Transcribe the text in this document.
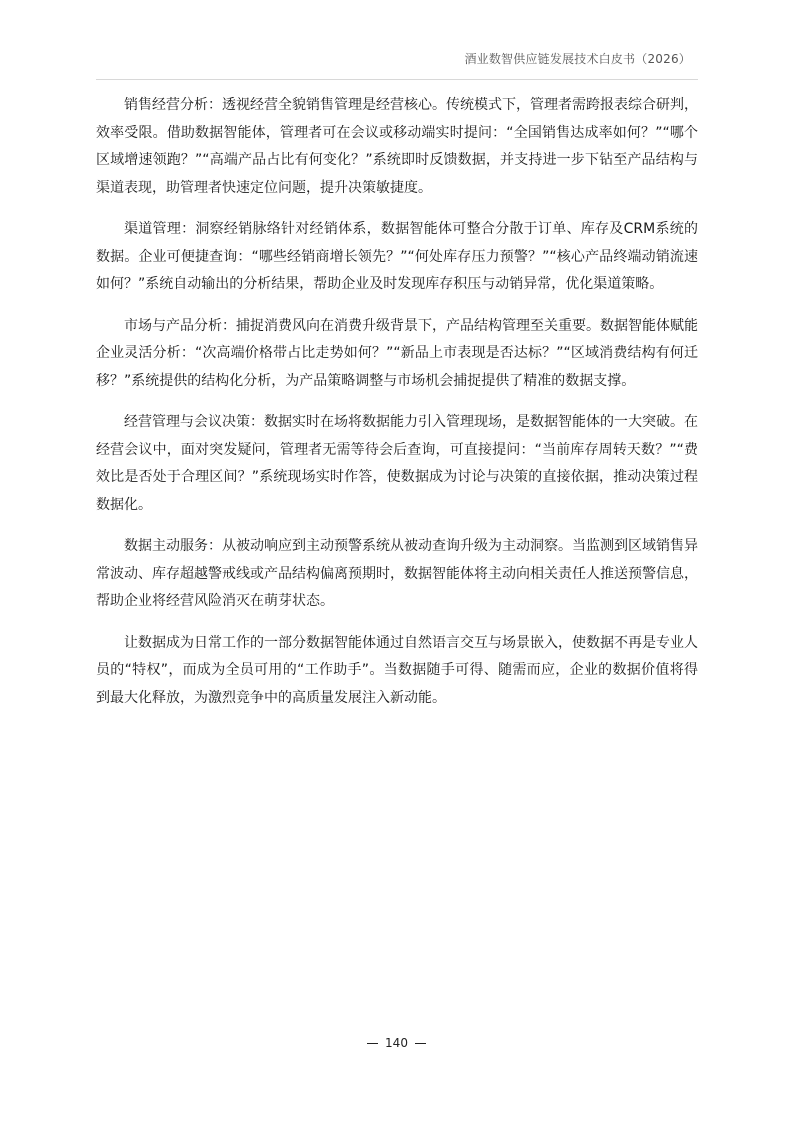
酒业数智供应链发展技术白皮书（2026）

销售经营分析：透视经营全貌销售管理是经营核心。传统模式下，管理者需跨报表综合研判，效率受限。借助数据智能体，管理者可在会议或移动端实时提问：“全国销售达成率如何？”“哪个区域增速领跑？”“高端产品占比有何变化？”系统即时反馈数据，并支持进一步下钻至产品结构与渠道表现，助管理者快速定位问题，提升决策敏捷度。

渠道管理：洞察经销脉络针对经销体系，数据智能体可整合分散于订单、库存及CRM系统的数据。企业可便捷查询：“哪些经销商增长领先？”“何处库存压力预警？”“核心产品终端动销流速如何？”系统自动输出的分析结果，帮助企业及时发现库存积压与动销异常，优化渠道策略。

市场与产品分析：捕捉消费风向在消费升级背景下，产品结构管理至关重要。数据智能体赋能企业灵活分析：“次高端价格带占比走势如何？”“新品上市表现是否达标？”“区域消费结构有何迁移？”系统提供的结构化分析，为产品策略调整与市场机会捕捉提供了精准的数据支撑。

经营管理与会议决策：数据实时在场将数据能力引入管理现场，是数据智能体的一大突破。在经营会议中，面对突发疑问，管理者无需等待会后查询，可直接提问：“当前库存周转天数？”“费效比是否处于合理区间？”系统现场实时作答，使数据成为讨论与决策的直接依据，推动决策过程数据化。

数据主动服务：从被动响应到主动预警系统从被动查询升级为主动洞察。当监测到区域销售异常波动、库存超越警戒线或产品结构偏离预期时，数据智能体将主动向相关责任人推送预警信息，帮助企业将经营风险消灭在萌芽状态。

让数据成为日常工作的一部分数据智能体通过自然语言交互与场景嵌入，使数据不再是专业人员的“特权”，而成为全员可用的“工作助手”。当数据随手可得、随需而应，企业的数据价值将得到最大化释放，为激烈竞争中的高质量发展注入新动能。

140
